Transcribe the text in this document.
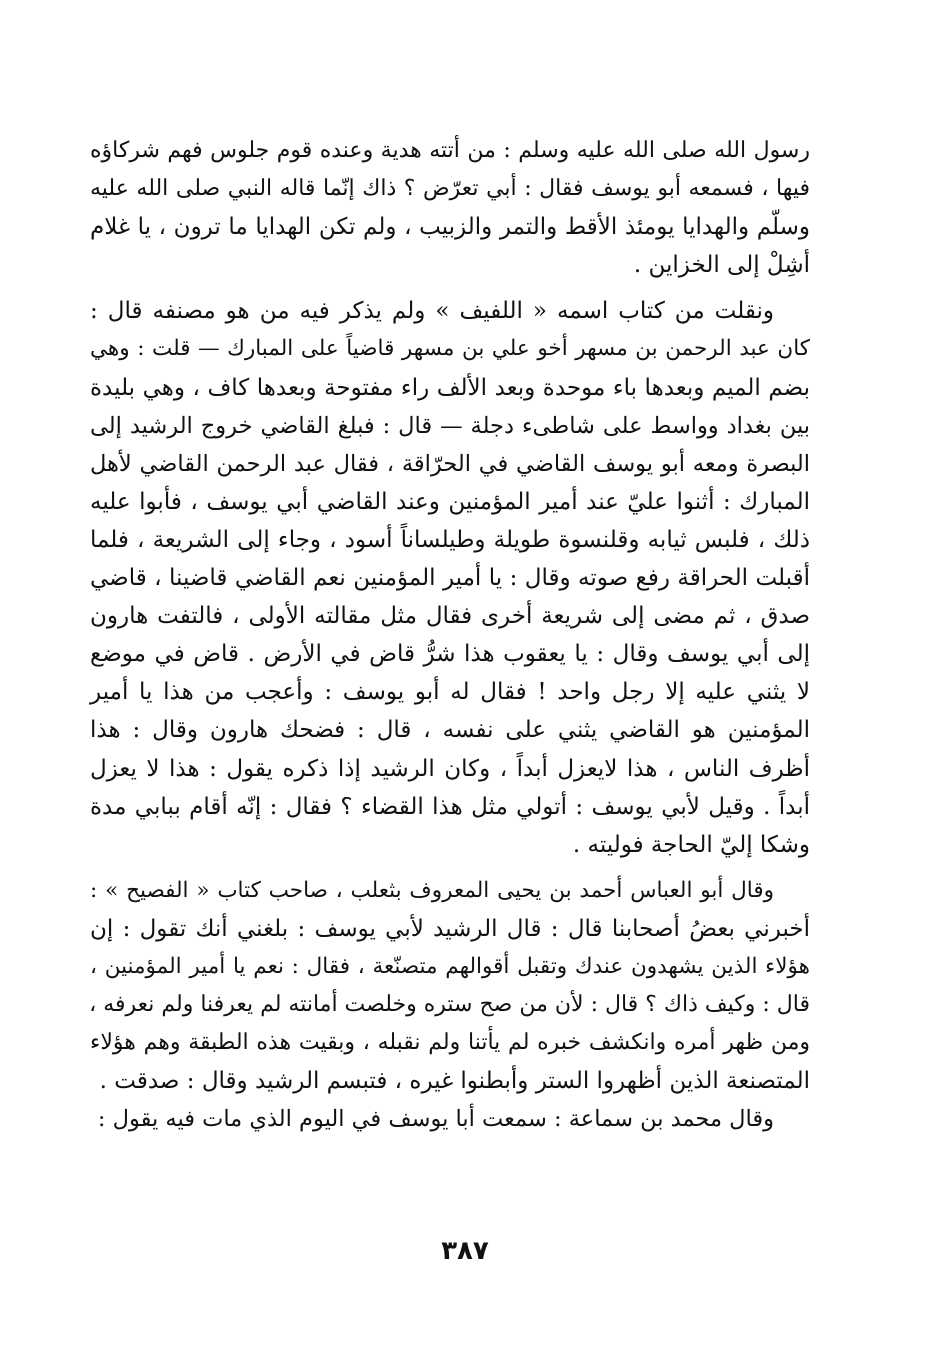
رسول الله صلى الله عليه وسلم : من أتته هدية وعنده قوم جلوس فهم شركاؤه
فيها ، فسمعه أبو يوسف فقال : أبي تعرّض ؟ ذاك إنّما قاله النبي صلى الله عليه
وسلّم والهدايا يومئذ الأقط والتمر والزبيب ، ولم تكن الهدايا ما ترون ، يا غلام
أشِلْ إلى الخزاين .
ونقلت من كتاب اسمه « اللفيف » ولم يذكر فيه من هو مصنفه قال :
كان عبد الرحمن بن مسهر أخو علي بن مسهر قاضياً على المبارك — قلت : وهي
بضم الميم وبعدها باء موحدة وبعد الألف راء مفتوحة وبعدها كاف ، وهي بليدة
بين بغداد وواسط على شاطىء دجلة — قال : فبلغ القاضي خروج الرشيد إلى
البصرة ومعه أبو يوسف القاضي في الحرّاقة ، فقال عبد الرحمن القاضي لأهل
المبارك : أثنوا عليّ عند أمير المؤمنين وعند القاضي أبي يوسف ، فأبوا عليه
ذلك ، فلبس ثيابه وقلنسوة طويلة وطيلساناً أسود ، وجاء إلى الشريعة ، فلما
أقبلت الحراقة رفع صوته وقال : يا أمير المؤمنين نعم القاضي قاضينا ، قاضي
صدق ، ثم مضى إلى شريعة أخرى فقال مثل مقالته الأولى ، فالتفت هارون
إلى أبي يوسف وقال : يا يعقوب هذا شرُّ قاض في الأرض . قاض في موضع
لا يثني عليه إلا رجل واحد ! فقال له أبو يوسف : وأعجب من هذا يا أمير
المؤمنين هو القاضي يثني على نفسه ، قال : فضحك هارون وقال : هذا
أظرف الناس ، هذا لايعزل أبداً ، وكان الرشيد إذا ذكره يقول : هذا لا يعزل
أبداً . وقيل لأبي يوسف : أتولي مثل هذا القضاء ؟ فقال : إنّه أقام ببابي مدة
وشكا إليّ الحاجة فوليته .
وقال أبو العباس أحمد بن يحيى المعروف بثعلب ، صاحب كتاب « الفصيح » :
أخبرني بعضُ أصحابنا قال : قال الرشيد لأبي يوسف : بلغني أنك تقول : إن
هؤلاء الذين يشهدون عندك وتقبل أقوالهم متصنّعة ، فقال : نعم يا أمير المؤمنين ،
قال : وكيف ذاك ؟ قال : لأن من صح ستره وخلصت أمانته لم يعرفنا ولم نعرفه ،
ومن ظهر أمره وانكشف خبره لم يأتنا ولم نقبله ، وبقيت هذه الطبقة وهم هؤلاء
المتصنعة الذين أظهروا الستر وأبطنوا غيره ، فتبسم الرشيد وقال : صدقت .
وقال محمد بن سماعة : سمعت أبا يوسف في اليوم الذي مات فيه يقول :
٣٨٧
